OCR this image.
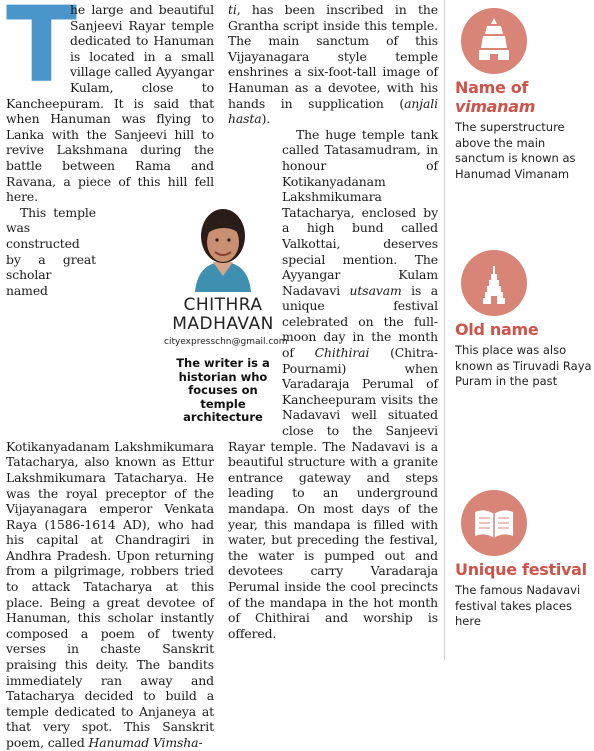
T
he large and beautiful Sanjeevi Rayar temple dedicated to Hanuman is located in a small village called Ayyangar Kulam, close to Kancheepuram. It is said that when Hanuman was flying to Lanka with the Sanjeevi hill to revive Lakshmana during the battle between Rama and Ravana, a piece of this hill fell here.

This temple was constructed by a great scholar named Kotikanyadanam Lakshmikumara Tatacharya, also known as Ettur Lakshmikumara Tatacharya. He was the royal preceptor of the Vijayanagara emperor Venkata Raya (1586-1614 AD), who had his capital at Chandragiri in Andhra Pradesh. Upon returning from a pilgrimage, robbers tried to attack Tatacharya at this place. Being a great devotee of Hanuman, this scholar instantly composed a poem of twenty verses in chaste Sanskrit praising this deity. The bandits immediately ran away and Tatacharya decided to build a temple dedicated to Anjaneya at that very spot. This Sanskrit poem, called Hanumad Vimsha-

ti, has been inscribed in the Grantha script inside this temple. The main sanctum of this Vijayanagara style temple enshrines a six-foot-tall image of Hanuman as a devotee, with his hands in supplication (anjali hasta).

The huge temple tank called Tatasamudram, in honour of Kotikanyadanam Lakshmikumara Tatacharya, enclosed by a high bund called Valkottai, deserves special mention. The Ayyangar Kulam Nadavavi utsavam is a unique festival celebrated on the full-moon day in the month of Chithirai (Chitra-Pournami) when Varadaraja Perumal of Kancheepuram visits the Nadavavi well situated close to the Sanjeevi Rayar temple. The Nadavavi is a beautiful structure with a granite entrance gateway and steps leading to an underground mandapa. On most days of the year, this mandapa is filled with water, but preceding the festival, the water is pumped out and devotees carry Varadaraja Perumal inside the cool precincts of the mandapa in the hot month of Chithirai and worship is offered.

CHITHRA
MADHAVAN
cityexpresschn@gmail.com
The writer is a historian who focuses on temple architecture
Name of vimanam
The superstructure above the main sanctum is known as Hanumad Vimanam
Old name
This place was also known as Tiruvadi Raya Puram in the past
Unique festival
The famous Nadavavi festival takes places here
